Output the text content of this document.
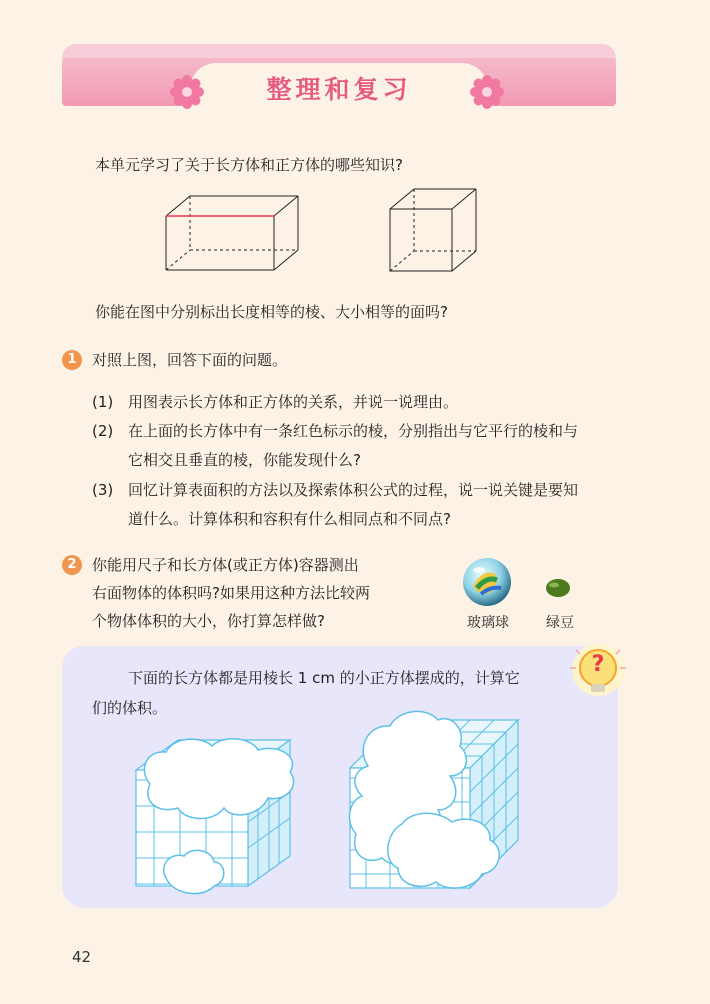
整理和复习
本单元学习了关于长方体和正方体的哪些知识?
你能在图中分别标出长度相等的棱、大小相等的面吗?
1	对照上图，回答下面的问题。
(1) 用图表示长方体和正方体的关系，并说一说理由。
(2) 在上面的长方体中有一条红色标示的棱，分别指出与它平行的棱和与
它相交且垂直的棱，你能发现什么?
(3) 回忆计算表面积的方法以及探索体积公式的过程，说一说关键是要知
道什么。计算体积和容积有什么相同点和不同点?
2	你能用尺子和长方体(或正方体)容器测出
右面物体的体积吗?如果用这种方法比较两
个物体体积的大小，你打算怎样做?	玻璃球	绿豆
下面的长方体都是用棱长 1 cm 的小正方体摆成的，计算它
们的体积。
?
42
